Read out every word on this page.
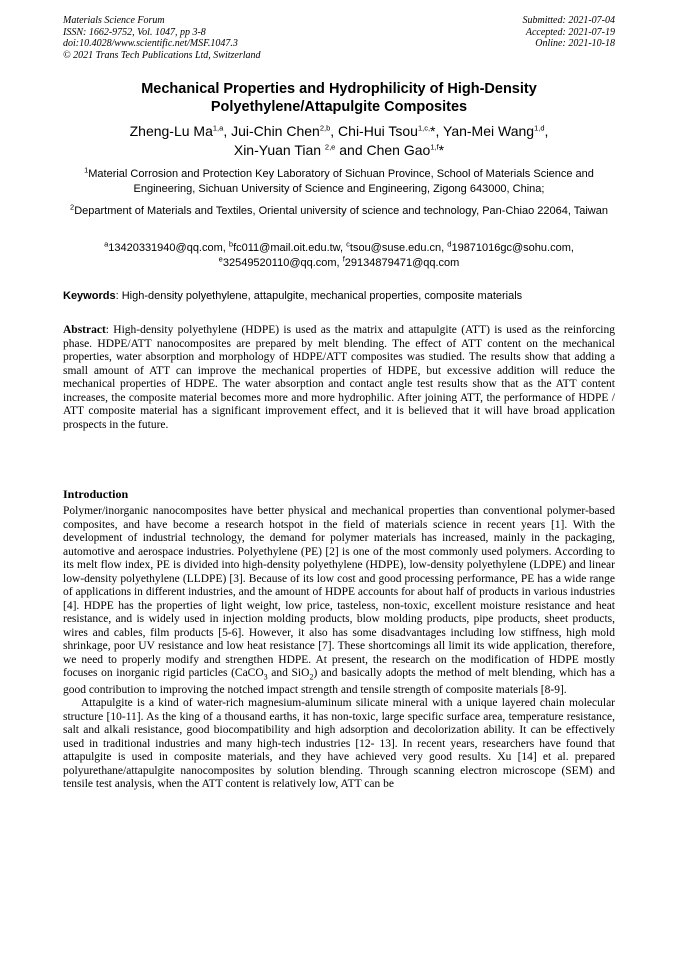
Materials Science Forum
ISSN: 1662-9752, Vol. 1047, pp 3-8
doi:10.4028/www.scientific.net/MSF.1047.3
© 2021 Trans Tech Publications Ltd, Switzerland
Submitted: 2021-07-04
Accepted: 2021-07-19
Online: 2021-10-18
Mechanical Properties and Hydrophilicity of High-Density
Polyethylene/Attapulgite Composites
Zheng-Lu Ma$^{1,a}$, Jui-Chin Chen$^{2,b}$, Chi-Hui Tsou$^{1,c,}$*, Yan-Mei Wang$^{1,d}$,
Xin-Yuan Tian $^{2,e}$ and Chen Gao$^{1,f}$*
$^1$Material Corrosion and Protection Key Laboratory of Sichuan Province, School of Materials Science and Engineering, Sichuan University of Science and Engineering, Zigong 643000, China;
$^2$Department of Materials and Textiles, Oriental university of science and technology, Pan-Chiao 22064, Taiwan
$^a$13420331940@qq.com, $^b$fc011@mail.oit.edu.tw, $^c$tsou@suse.edu.cn, $^d$19871016gc@sohu.com,
$^e$32549520110@qq.com, $^f$29134879471@qq.com
Keywords: High-density polyethylene, attapulgite, mechanical properties, composite materials
Abstract: High-density polyethylene (HDPE) is used as the matrix and attapulgite (ATT) is used as the reinforcing phase. HDPE/ATT nanocomposites are prepared by melt blending. The effect of ATT content on the mechanical properties, water absorption and morphology of HDPE/ATT composites was studied. The results show that adding a small amount of ATT can improve the mechanical properties of HDPE, but excessive addition will reduce the mechanical properties of HDPE. The water absorption and contact angle test results show that as the ATT content increases, the composite material becomes more and more hydrophilic. After joining ATT, the performance of HDPE / ATT composite material has a significant improvement effect, and it is believed that it will have broad application prospects in the future.
Introduction

Polymer/inorganic nanocomposites have better physical and mechanical properties than conventional polymer-based composites, and have become a research hotspot in the field of materials science in recent years [1]. With the development of industrial technology, the demand for polymer materials has increased, mainly in the packaging, automotive and aerospace industries. Polyethylene (PE) [2] is one of the most commonly used polymers. According to its melt flow index, PE is divided into high-density polyethylene (HDPE), low-density polyethylene (LDPE) and linear low-density polyethylene (LLDPE) [3]. Because of its low cost and good processing performance, PE has a wide range of applications in different industries, and the amount of HDPE accounts for about half of products in various industries [4]. HDPE has the properties of light weight, low price, tasteless, non-toxic, excellent moisture resistance and heat resistance, and is widely used in injection molding products, blow molding products, pipe products, sheet products, wires and cables, film products [5-6]. However, it also has some disadvantages including low stiffness, high mold shrinkage, poor UV resistance and low heat resistance [7]. These shortcomings all limit its wide application, therefore, we need to properly modify and strengthen HDPE. At present, the research on the modification of HDPE mostly focuses on inorganic rigid particles (CaCO$_3$ and SiO$_2$) and basically adopts the method of melt blending, which has a good contribution to improving the notched impact strength and tensile strength of composite materials [8-9].

Attapulgite is a kind of water-rich magnesium-aluminum silicate mineral with a unique layered chain molecular structure [10-11]. As the king of a thousand earths, it has non-toxic, large specific surface area, temperature resistance, salt and alkali resistance, good biocompatibility and high adsorption and decolorization ability. It can be effectively used in traditional industries and many high-tech industries [12- 13]. In recent years, researchers have found that attapulgite is used in composite materials, and they have achieved very good results. Xu [14] et al. prepared polyurethane/attapulgite nanocomposites by solution blending. Through scanning electron microscope (SEM) and tensile test analysis, when the ATT content is relatively low, ATT can be
